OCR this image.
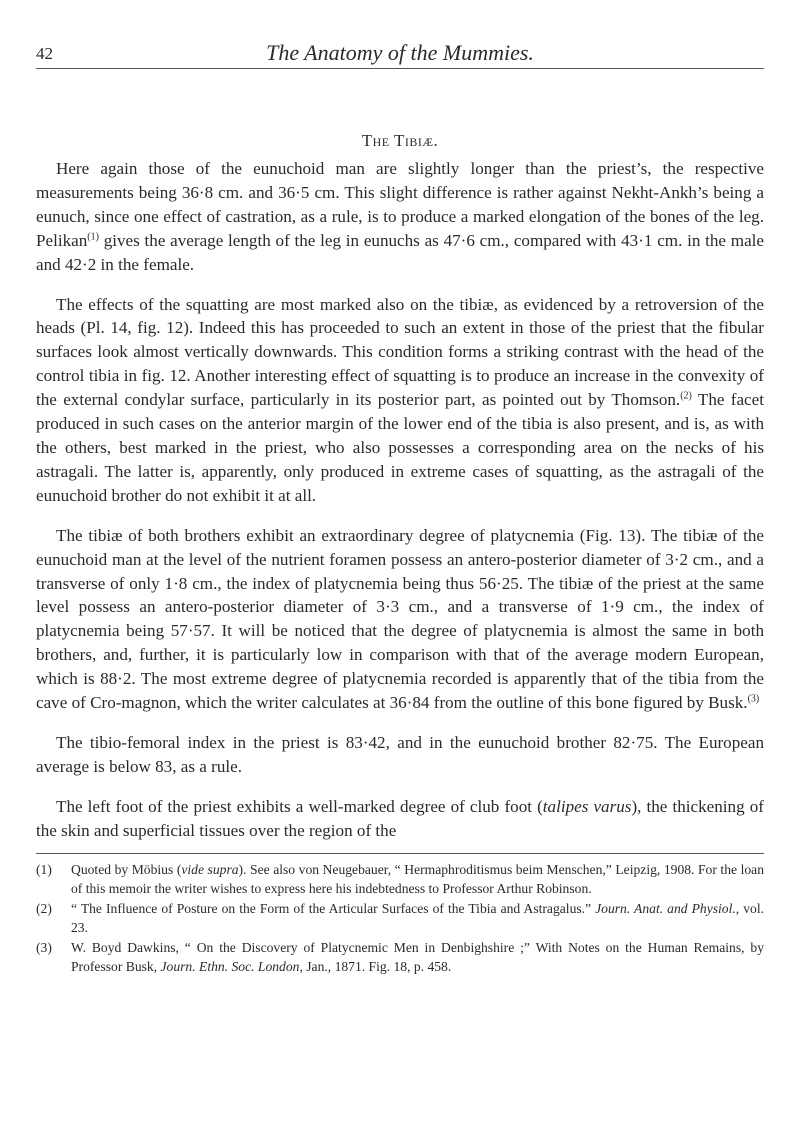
42	The Anatomy of the Mummies.
The Tibiæ.

Here again those of the eunuchoid man are slightly longer than the priest’s, the respective measurements being 36·8 cm. and 36·5 cm. This slight difference is rather against Nekht-Ankh’s being a eunuch, since one effect of castration, as a rule, is to produce a marked elongation of the bones of the leg. Pelikan$^{(1)}$ gives the average length of the leg in eunuchs as 47·6 cm., compared with 43·1 cm. in the male and 42·2 in the female.

The effects of the squatting are most marked also on the tibiæ, as evidenced by a retroversion of the heads (Pl. 14, fig. 12). Indeed this has proceeded to such an extent in those of the priest that the fibular surfaces look almost vertically downwards. This condition forms a striking contrast with the head of the control tibia in fig. 12. Another interesting effect of squatting is to produce an increase in the convexity of the external condylar surface, particularly in its posterior part, as pointed out by Thomson.$^{(2)}$ The facet produced in such cases on the anterior margin of the lower end of the tibia is also present, and is, as with the others, best marked in the priest, who also possesses a corresponding area on the necks of his astragali. The latter is, apparently, only produced in extreme cases of squatting, as the astragali of the eunuchoid brother do not exhibit it at all.

The tibiæ of both brothers exhibit an extraordinary degree of platycnemia (Fig. 13). The tibiæ of the eunuchoid man at the level of the nutrient foramen possess an antero-posterior diameter of 3·2 cm., and a transverse of only 1·8 cm., the index of platycnemia being thus 56·25. The tibiæ of the priest at the same level possess an antero-posterior diameter of 3·3 cm., and a transverse of 1·9 cm., the index of platycnemia being 57·57. It will be noticed that the degree of platycnemia is almost the same in both brothers, and, further, it is particularly low in comparison with that of the average modern European, which is 88·2. The most extreme degree of platycnemia recorded is apparently that of the tibia from the cave of Cro-magnon, which the writer calculates at 36·84 from the outline of this bone figured by Busk.$^{(3)}$

The tibio-femoral index in the priest is 83·42, and in the eunuchoid brother 82·75. The European average is below 83, as a rule.

The left foot of the priest exhibits a well-marked degree of club foot (talipes varus), the thickening of the skin and superficial tissues over the region of the

(1) Quoted by Möbius (vide supra). See also von Neugebauer, “ Hermaphroditismus beim Menschen,” Leipzig, 1908. For the loan of this memoir the writer wishes to express here his indebtedness to Professor Arthur Robinson.
(2) “ The Influence of Posture on the Form of the Articular Surfaces of the Tibia and Astragalus.” Journ. Anat. and Physiol., vol. 23.
(3) W. Boyd Dawkins, “ On the Discovery of Platycnemic Men in Denbighshire ;” With Notes on the Human Remains, by Professor Busk, Journ. Ethn. Soc. London, Jan., 1871. Fig. 18, p. 458.
